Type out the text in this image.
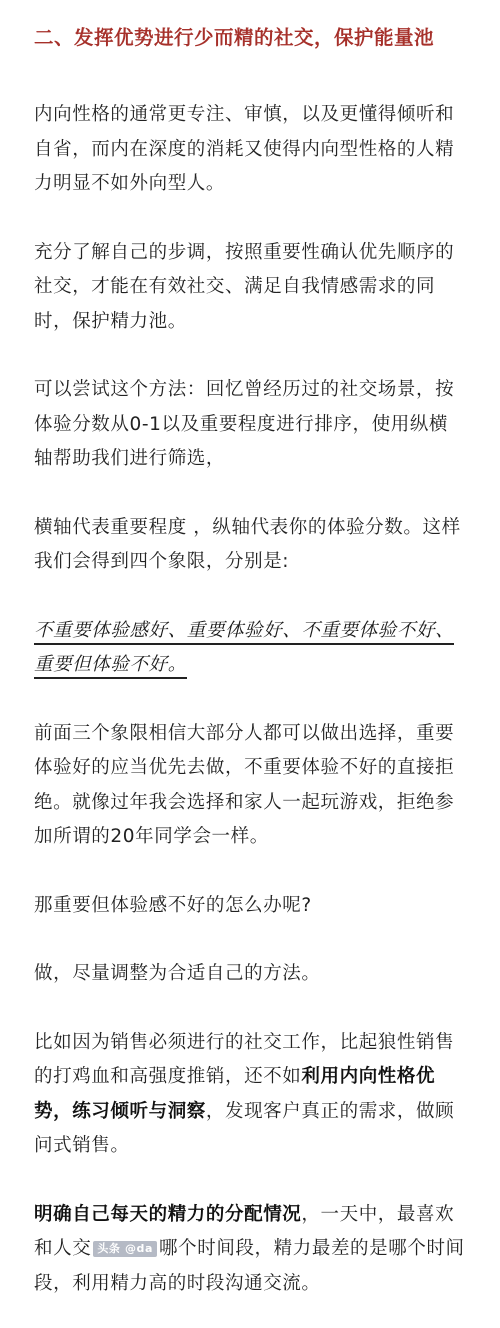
二、发挥优势进行少而精的社交，保护能量池

内向性格的通常更专注、审慎，以及更懂得倾听和自省，而内在深度的消耗又使得内向型性格的人精力明显不如外向型人。

充分了解自己的步调，按照重要性确认优先顺序的社交，才能在有效社交、满足自我情感需求的同时，保护精力池。

可以尝试这个方法：回忆曾经历过的社交场景，按体验分数从0-1以及重要程度进行排序，使用纵横轴帮助我们进行筛选，

横轴代表重要程度 ，纵轴代表你的体验分数。这样我们会得到四个象限，分别是:

不重要体验感好、重要体验好、不重要体验不好、重要但体验不好。

前面三个象限相信大部分人都可以做出选择，重要体验好的应当优先去做，不重要体验不好的直接拒绝。就像过年我会选择和家人一起玩游戏，拒绝参加所谓的20年同学会一样。

那重要但体验感不好的怎么办呢?

做，尽量调整为合适自己的方法。

比如因为销售必须进行的社交工作，比起狼性销售的打鸡血和高强度推销，还不如利用内向性格优势，练习倾听与洞察，发现客户真正的需求，做顾问式销售。

明确自己每天的精力的分配情况，一天中，最喜欢和人交 头条 @da 哪个时间段，精力最差的是哪个时间段，利用精力高的时段沟通交流。
